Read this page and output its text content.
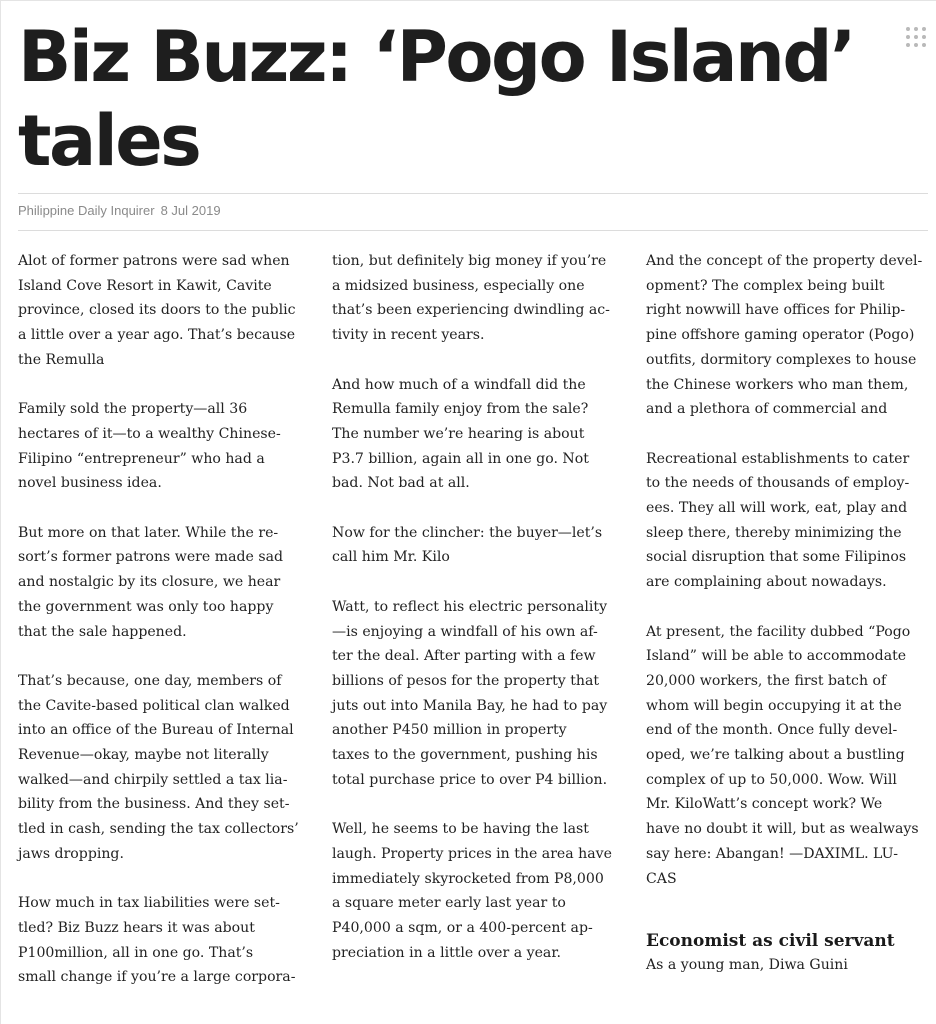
Biz Buzz: ‘Pogo Island’
tales
Philippine Daily Inquirer 8 Jul 2019

Alot of former patrons were sad when
Island Cove Resort in Kawit, Cavite
province, closed its doors to the public
a little over a year ago. That’s because
the Remulla

Family sold the property—all 36
hectares of it—to a wealthy Chinese-
Filipino “entrepreneur” who had a
novel business idea.

But more on that later. While the re-
sort’s former patrons were made sad
and nostalgic by its closure, we hear
the government was only too happy
that the sale happened.

That’s because, one day, members of
the Cavite-based political clan walked
into an office of the Bureau of Internal
Revenue—okay, maybe not literally
walked—and chirpily settled a tax lia-
bility from the business. And they set-
tled in cash, sending the tax collectors’
jaws dropping.

How much in tax liabilities were set-
tled? Biz Buzz hears it was about
P100million, all in one go. That’s
small change if you’re a large corpora-

tion, but definitely big money if you’re
a midsized business, especially one
that’s been experiencing dwindling ac-
tivity in recent years.

And how much of a windfall did the
Remulla family enjoy from the sale?
The number we’re hearing is about
P3.7 billion, again all in one go. Not
bad. Not bad at all.

Now for the clincher: the buyer—let’s
call him Mr. Kilo

Watt, to reflect his electric personality
—is enjoying a windfall of his own af-
ter the deal. After parting with a few
billions of pesos for the property that
juts out into Manila Bay, he had to pay
another P450 million in property
taxes to the government, pushing his
total purchase price to over P4 billion.

Well, he seems to be having the last
laugh. Property prices in the area have
immediately skyrocketed from P8,000
a square meter early last year to
P40,000 a sqm, or a 400-percent ap-
preciation in a little over a year.

And the concept of the property devel-
opment? The complex being built
right nowwill have offices for Philip-
pine offshore gaming operator (Pogo)
outfits, dormitory complexes to house
the Chinese workers who man them,
and a plethora of commercial and

Recreational establishments to cater
to the needs of thousands of employ-
ees. They all will work, eat, play and
sleep there, thereby minimizing the
social disruption that some Filipinos
are complaining about nowadays.

At present, the facility dubbed “Pogo
Island” will be able to accommodate
20,000 workers, the first batch of
whom will begin occupying it at the
end of the month. Once fully devel-
oped, we’re talking about a bustling
complex of up to 50,000. Wow. Will
Mr. KiloWatt’s concept work? We
have no doubt it will, but as wealways
say here: Abangan! —DAXIML. LU-
CAS

Economist as civil servant
As a young man, Diwa Guini
